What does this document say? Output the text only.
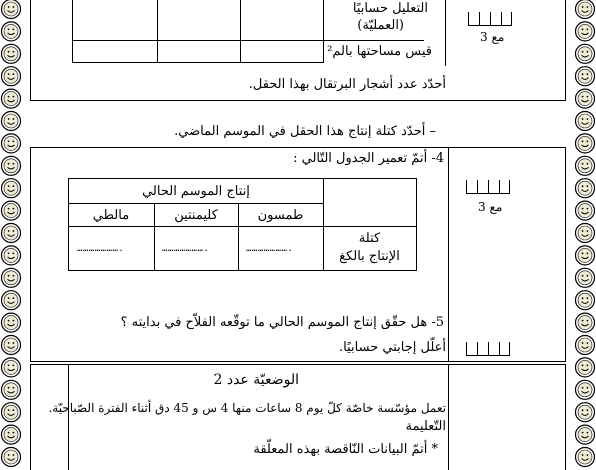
التعليل حسابيًا
(العمليّة)
قيس مساحتها بالم²
أحدّد عدد أشجار البرتقال بهذا الحقل.
مع 3
– أحدّد كتلة إنتاج هذا الحقل في الموسم الماضي.
4- أتمّ تعمير الجدول التّالي :
مع 3
إنتاج الموسم الحالي
طمسون
كليمنتين
مالطي
كتلة
الإنتاج بالكغ
………………….
………………….
………………….
5- هل حقّق إنتاج الموسم الحالي ما توقّعه الفلاّح في بدايته ؟
أعلّل إجابتي حسابيًا.
الوضعيّة عدد 2
تعمل مؤسّسة خاصّة كلّ يوم 8 ساعات منها 4 س و 45 دق أثناء الفترة الصّباحيّة.
التّعليمة
* أتمّ البيانات النّاقصة بهذه المعلّقة
